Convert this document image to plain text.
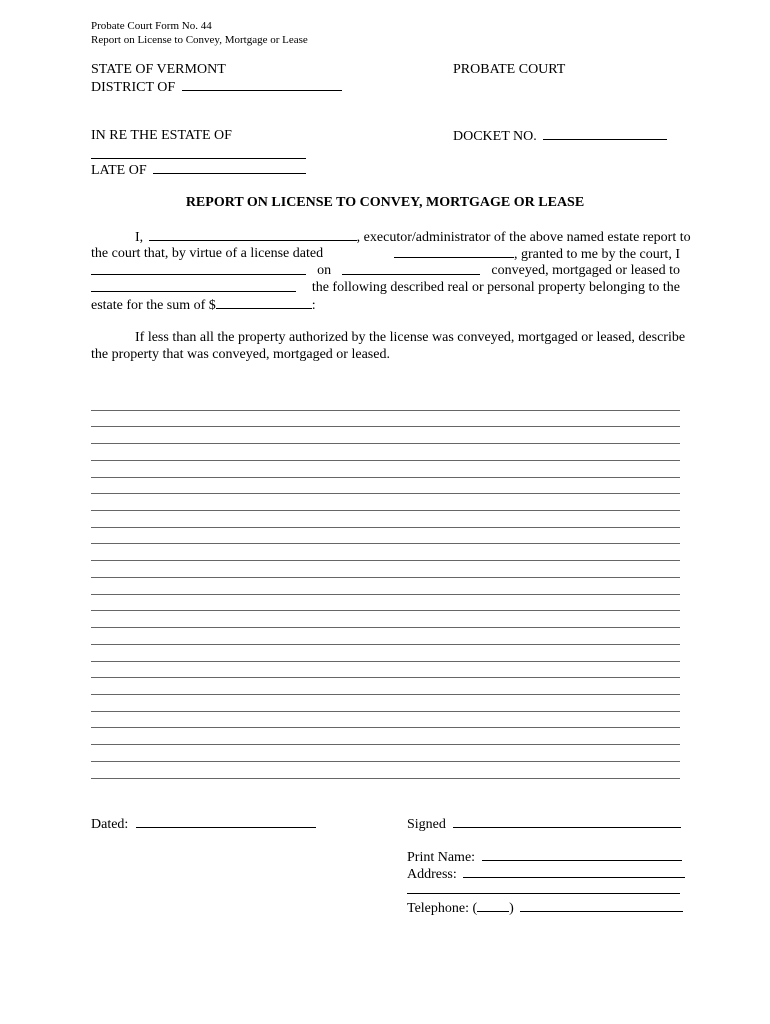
Probate Court Form No. 44
Report on License to Convey, Mortgage or Lease
STATE OF VERMONT	PROBATE COURT
DISTRICT OF
IN RE THE ESTATE OF	DOCKET NO.
LATE OF
REPORT ON LICENSE TO CONVEY, MORTGAGE OR LEASE
I,	, executor/administrator of the above named estate report to
the court that, by virtue of a license dated	, granted to me by the court, I
on	conveyed, mortgaged or leased to
the following described real or personal property belonging to the
estate for the sum of $	:
If less than all the property authorized by the license was conveyed, mortgaged or leased, describe
the property that was conveyed, mortgaged or leased.
Dated:	Signed
Print Name:
Address:
Telephone: ( )
